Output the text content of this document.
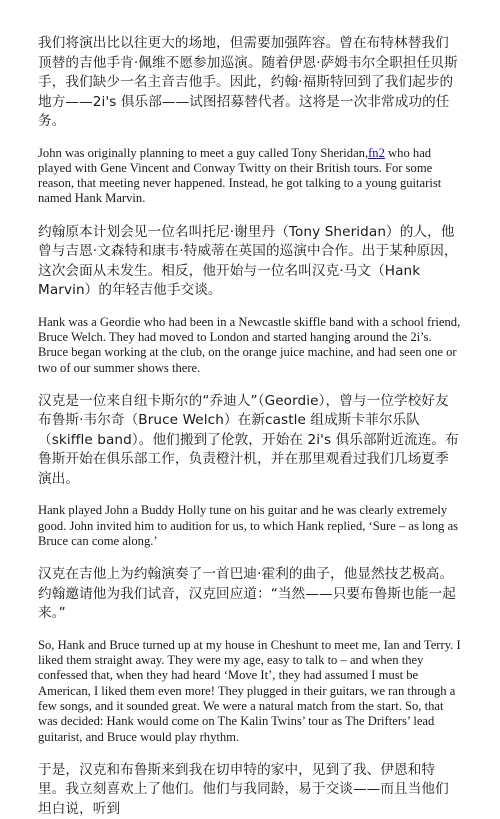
我们将演出比以往更大的场地，但需要加强阵容。曾在布特林替我们顶替的吉他手肯·佩维不愿参加巡演。随着伊恩·萨姆韦尔全职担任贝斯手，我们缺少一名主音吉他手。因此，约翰·福斯特回到了我们起步的地方——2i's 俱乐部——试图招募替代者。这将是一次非常成功的任务。

John was originally planning to meet a guy called Tony Sheridan,fn2 who had played with Gene Vincent and Conway Twitty on their British tours. For some reason, that meeting never happened. Instead, he got talking to a young guitarist named Hank Marvin.

约翰原本计划会见一位名叫托尼·谢里丹（Tony Sheridan）的人，他曾与吉恩·文森特和康韦·特威蒂在英国的巡演中合作。出于某种原因，这次会面从未发生。相反，他开始与一位名叫汉克·马文（Hank Marvin）的年轻吉他手交谈。

Hank was a Geordie who had been in a Newcastle skiffle band with a school friend, Bruce Welch. They had moved to London and started hanging around the 2i’s. Bruce began working at the club, on the orange juice machine, and had seen one or two of our summer shows there.

汉克是一位来自纽卡斯尔的“乔迪人”（Geordie），曾与一位学校好友布鲁斯·韦尔奇（Bruce Welch）在新castle 组成斯卡菲尔乐队（skiffle band）。他们搬到了伦敦，开始在 2i's 俱乐部附近流连。布鲁斯开始在俱乐部工作，负责橙汁机，并在那里观看过我们几场夏季演出。

Hank played John a Buddy Holly tune on his guitar and he was clearly extremely good. John invited him to audition for us, to which Hank replied, ‘Sure – as long as Bruce can come along.’

汉克在吉他上为约翰演奏了一首巴迪·霍利的曲子，他显然技艺极高。约翰邀请他为我们试音，汉克回应道：“当然——只要布鲁斯也能一起来。”

So, Hank and Bruce turned up at my house in Cheshunt to meet me, Ian and Terry. I liked them straight away. They were my age, easy to talk to – and when they confessed that, when they had heard ‘Move It’, they had assumed I must be American, I liked them even more! They plugged in their guitars, we ran through a few songs, and it sounded great. We were a natural match from the start. So, that was decided: Hank would come on The Kalin Twins’ tour as The Drifters’ lead guitarist, and Bruce would play rhythm.

于是，汉克和布鲁斯来到我在切申特的家中，见到了我、伊恩和特里。我立刻喜欢上了他们。他们与我同龄，易于交谈——而且当他们坦白说，听到
